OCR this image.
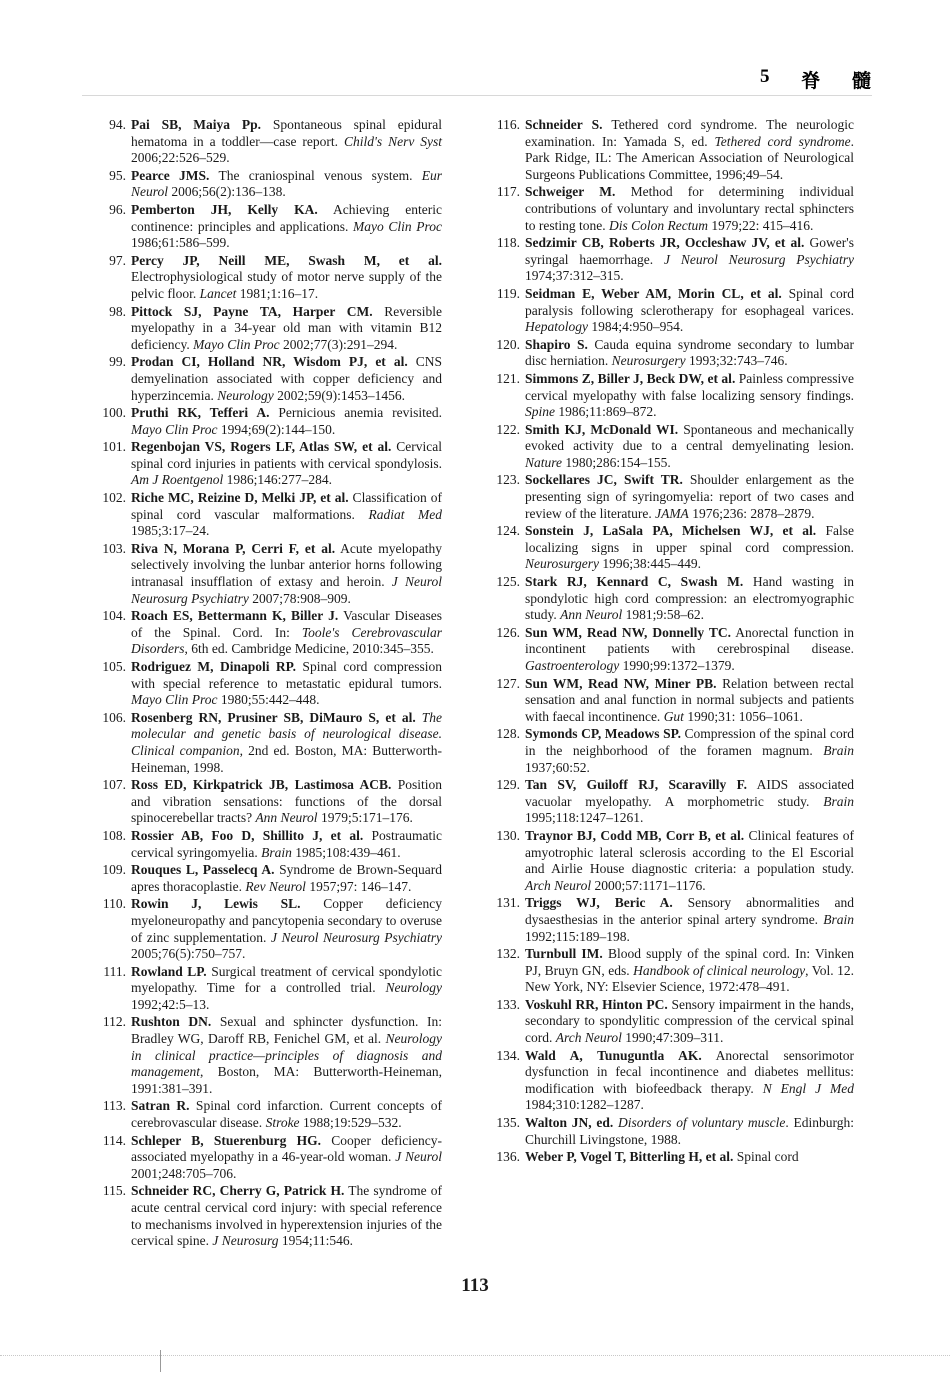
5 脊 髓
94. Pai SB, Maiya Pp. Spontaneous spinal epidural hematoma in a toddler—case report. Child's Nerv Syst 2006;22:526–529.
95. Pearce JMS. The craniospinal venous system. Eur Neurol 2006;56(2):136–138.
96. Pemberton JH, Kelly KA. Achieving enteric continence: principles and applications. Mayo Clin Proc 1986;61:586–599.
97. Percy JP, Neill ME, Swash M, et al. Electrophysiological study of motor nerve supply of the pelvic floor. Lancet 1981;1:16–17.
98. Pittock SJ, Payne TA, Harper CM. Reversible myelopathy in a 34-year old man with vitamin B12 deficiency. Mayo Clin Proc 2002;77(3):291–294.
99. Prodan CI, Holland NR, Wisdom PJ, et al. CNS demyelination associated with copper deficiency and hyperzincemia. Neurology 2002;59(9):1453–1456.
100. Pruthi RK, Tefferi A. Pernicious anemia revisited. Mayo Clin Proc 1994;69(2):144–150.
101. Regenbojan VS, Rogers LF, Atlas SW, et al. Cervical spinal cord injuries in patients with cervical spondylosis. Am J Roentgenol 1986;146:277–284.
102. Riche MC, Reizine D, Melki JP, et al. Classification of spinal cord vascular malformations. Radiat Med 1985;3:17–24.
103. Riva N, Morana P, Cerri F, et al. Acute myelopathy selectively involving the lunbar anterior horns following intranasal insufflation of extasy and heroin. J Neurol Neurosurg Psychiatry 2007;78:908–909.
104. Roach ES, Bettermann K, Biller J. Vascular Diseases of the Spinal. Cord. In: Toole's Cerebrovascular Disorders, 6th ed. Cambridge Medicine, 2010:345–355.
105. Rodriguez M, Dinapoli RP. Spinal cord compression with special reference to metastatic epidural tumors. Mayo Clin Proc 1980;55:442–448.
106. Rosenberg RN, Prusiner SB, DiMauro S, et al. The molecular and genetic basis of neurological disease. Clinical companion, 2nd ed. Boston, MA: Butterworth-Heineman, 1998.
107. Ross ED, Kirkpatrick JB, Lastimosa ACB. Position and vibration sensations: functions of the dorsal spinocerebellar tracts? Ann Neurol 1979;5:171–176.
108. Rossier AB, Foo D, Shillito J, et al. Postraumatic cervical syringomyelia. Brain 1985;108:439–461.
109. Rouques L, Passelecq A. Syndrome de Brown-Sequard apres thoracoplastie. Rev Neurol 1957;97: 146–147.
110. Rowin J, Lewis SL. Copper deficiency myeloneuropathy and pancytopenia secondary to overuse of zinc supplementation. J Neurol Neurosurg Psychiatry 2005;76(5):750–757.
111. Rowland LP. Surgical treatment of cervical spondylotic myelopathy. Time for a controlled trial. Neurology 1992;42:5–13.
112. Rushton DN. Sexual and sphincter dysfunction. In: Bradley WG, Daroff RB, Fenichel GM, et al. Neurology in clinical practice—principles of diagnosis and management, Boston, MA: Butterworth-Heineman, 1991:381–391.
113. Satran R. Spinal cord infarction. Current concepts of cerebrovascular disease. Stroke 1988;19:529–532.
114. Schleper B, Stuerenburg HG. Cooper deficiency-associated myelopathy in a 46-year-old woman. J Neurol 2001;248:705–706.
115. Schneider RC, Cherry G, Patrick H. The syndrome of acute central cervical cord injury: with special reference to mechanisms involved in hyperextension injuries of the cervical spine. J Neurosurg 1954;11:546.
116. Schneider S. Tethered cord syndrome. The neurologic examination. In: Yamada S, ed. Tethered cord syndrome. Park Ridge, IL: The American Association of Neurological Surgeons Publications Committee, 1996;49–54.
117. Schweiger M. Method for determining individual contributions of voluntary and involuntary rectal sphincters to resting tone. Dis Colon Rectum 1979;22: 415–416.
118. Sedzimir CB, Roberts JR, Occleshaw JV, et al. Gower's syringal haemorrhage. J Neurol Neurosurg Psychiatry 1974;37:312–315.
119. Seidman E, Weber AM, Morin CL, et al. Spinal cord paralysis following sclerotherapy for esophageal varices. Hepatology 1984;4:950–954.
120. Shapiro S. Cauda equina syndrome secondary to lumbar disc herniation. Neurosurgery 1993;32:743–746.
121. Simmons Z, Biller J, Beck DW, et al. Painless compressive cervical myelopathy with false localizing sensory findings. Spine 1986;11:869–872.
122. Smith KJ, McDonald WI. Spontaneous and mechanically evoked activity due to a central demyelinating lesion. Nature 1980;286:154–155.
123. Sockellares JC, Swift TR. Shoulder enlargement as the presenting sign of syringomyelia: report of two cases and review of the literature. JAMA 1976;236: 2878–2879.
124. Sonstein J, LaSala PA, Michelsen WJ, et al. False localizing signs in upper spinal cord compression. Neurosurgery 1996;38:445–449.
125. Stark RJ, Kennard C, Swash M. Hand wasting in spondylotic high cord compression: an electromyographic study. Ann Neurol 1981;9:58–62.
126. Sun WM, Read NW, Donnelly TC. Anorectal function in incontinent patients with cerebrospinal disease. Gastroenterology 1990;99:1372–1379.
127. Sun WM, Read NW, Miner PB. Relation between rectal sensation and anal function in normal subjects and patients with faecal incontinence. Gut 1990;31: 1056–1061.
128. Symonds CP, Meadows SP. Compression of the spinal cord in the neighborhood of the foramen magnum. Brain 1937;60:52.
129. Tan SV, Guiloff RJ, Scaravilly F. AIDS associated vacuolar myelopathy. A morphometric study. Brain 1995;118:1247–1261.
130. Traynor BJ, Codd MB, Corr B, et al. Clinical features of amyotrophic lateral sclerosis according to the El Escorial and Airlie House diagnostic criteria: a population study. Arch Neurol 2000;57:1171–1176.
131. Triggs WJ, Beric A. Sensory abnormalities and dysaesthesias in the anterior spinal artery syndrome. Brain 1992;115:189–198.
132. Turnbull IM. Blood supply of the spinal cord. In: Vinken PJ, Bruyn GN, eds. Handbook of clinical neurology, Vol. 12. New York, NY: Elsevier Science, 1972:478–491.
133. Voskuhl RR, Hinton PC. Sensory impairment in the hands, secondary to spondylitic compression of the cervical spinal cord. Arch Neurol 1990;47:309–311.
134. Wald A, Tunuguntla AK. Anorectal sensorimotor dysfunction in fecal incontinence and diabetes mellitus: modification with biofeedback therapy. N Engl J Med 1984;310:1282–1287.
135. Walton JN, ed. Disorders of voluntary muscle. Edinburgh: Churchill Livingstone, 1988.
136. Weber P, Vogel T, Bitterling H, et al. Spinal cord
113
